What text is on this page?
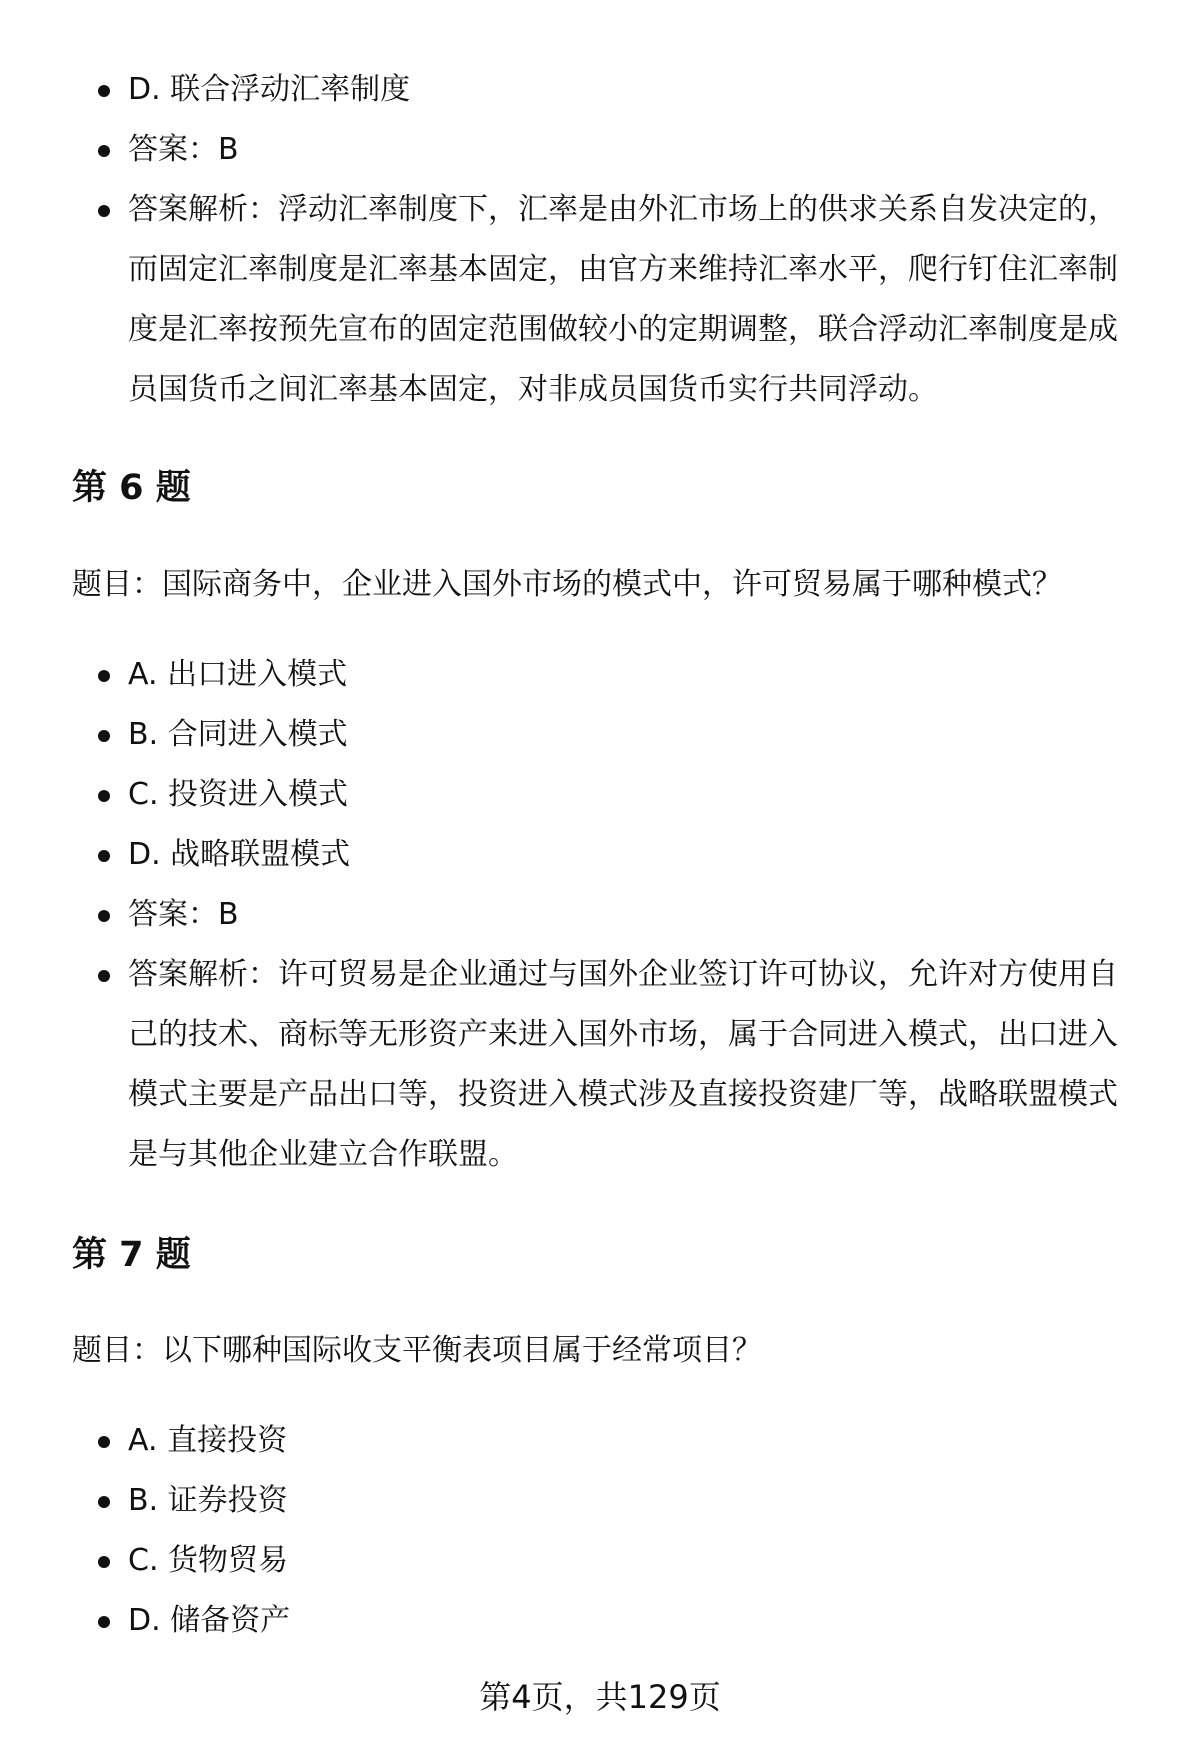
D. 联合浮动汇率制度
答案：B
答案解析：浮动汇率制度下，汇率是由外汇市场上的供求关系自发决定的，而固定汇率制度是汇率基本固定，由官方来维持汇率水平，爬行钉住汇率制度是汇率按预先宣布的固定范围做较小的定期调整，联合浮动汇率制度是成员国货币之间汇率基本固定，对非成员国货币实行共同浮动。
第 6 题

题目：国际商务中，企业进入国外市场的模式中，许可贸易属于哪种模式？

A. 出口进入模式
B. 合同进入模式
C. 投资进入模式
D. 战略联盟模式
答案：B
答案解析：许可贸易是企业通过与国外企业签订许可协议，允许对方使用自己的技术、商标等无形资产来进入国外市场，属于合同进入模式，出口进入模式主要是产品出口等，投资进入模式涉及直接投资建厂等，战略联盟模式是与其他企业建立合作联盟。
第 7 题

题目：以下哪种国际收支平衡表项目属于经常项目？

A. 直接投资
B. 证券投资
C. 货物贸易
D. 储备资产
第4页，共129页
